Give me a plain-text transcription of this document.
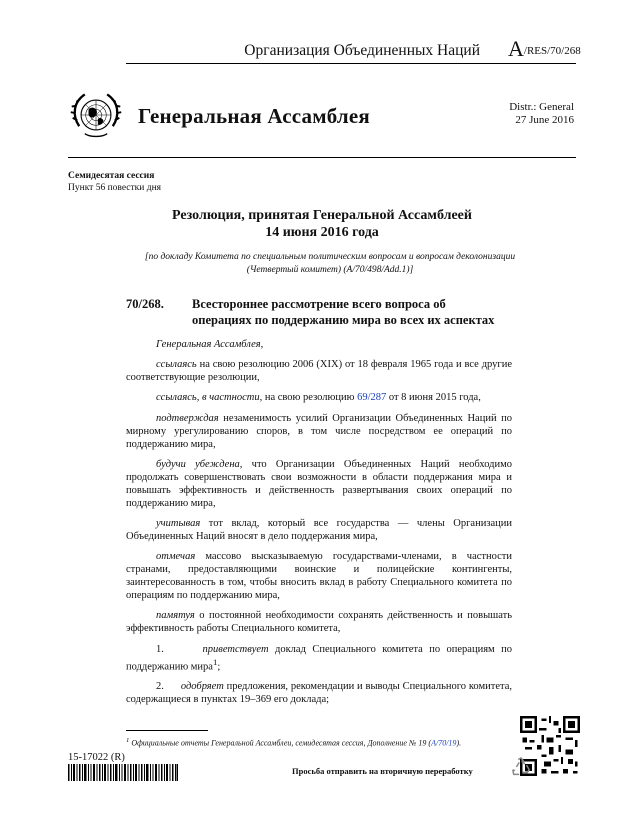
Организация Объединенных Наций A/RES/70/268
Генеральная Ассамблея	Distr.: General
27 June 2016
Семидесятая сессия
Пункт 56 повестки дня
Резолюция, принятая Генеральной Ассамблеей
14 июня 2016 года
[по докладу Комитета по специальным политическим вопросам и вопросам деколонизации
(Четвертый комитет) (A/70/498/Add.1)]
70/268. Всестороннее рассмотрение всего вопроса об
операциях по поддержанию мира во всех их аспектах

Генеральная Ассамблея,

ссылаясь на свою резолюцию 2006 (XIX) от 18 февраля 1965 года и все другие соответствующие резолюции,

ссылаясь, в частности, на свою резолюцию 69/287 от 8 июня 2015 года,

подтверждая незаменимость усилий Организации Объединенных Наций по мирному урегулированию споров, в том числе посредством ее операций по поддержанию мира,

будучи убеждена, что Организации Объединенных Наций необходимо продолжать совершенствовать свои возможности в области поддержания мира и повышать эффективность и действенность развертывания своих операций по поддержанию мира,

учитывая тот вклад, который все государства — члены Организации Объединенных Наций вносят в дело поддержания мира,

отмечая массово высказываемую государствами-членами, в частности странами, предоставляющими воинские и полицейские контингенты, заинтересованность в том, чтобы вносить вклад в работу Специального комитета по операциям по поддержанию мира,

памятуя о постоянной необходимости сохранять действенность и повышать эффективность работы Специального комитета,

1.	приветствует доклад Специального комитета по операциям по поддержанию мира$^1$;

2. одобряет предложения, рекомендации и выводы Специального комитета, содержащиеся в пунктах 19–369 его доклада;

$^1$ Официальные отчеты Генеральной Ассамблеи, семидесятая сессия, Дополнение № 19 (A/70/19).
15-17022 (R)
Просьба отправить на вторичную переработку
